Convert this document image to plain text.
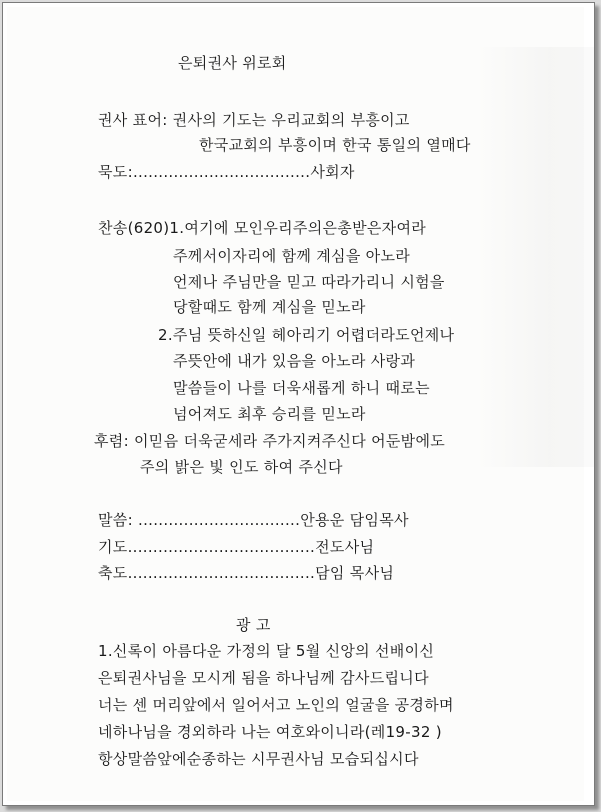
은퇴권사 위로회
권사 표어: 권사의 기도는 우리교회의 부흥이고
한국교회의 부흥이며 한국 통일의 열매다
묵도:...................................사회자
찬송(620)1.여기에 모인우리주의은총받은자여라
주께서이자리에 함께 계심을 아노라
언제나 주님만을 믿고 따라가리니 시험을
당할때도 함께 계심을 믿노라
2.주님 뜻하신일 헤아리기 어렵더라도언제나
주뜻안에 내가 있음을 아노라 사랑과
말씀들이 나를 더욱새롭게 하니 때로는
넘어져도 최후 승리를 믿노라
후렴: 이믿음 더욱굳세라 주가지켜주신다 어둔밤에도
주의 밝은 빛 인도 하여 주신다
말씀: ................................안용운 담임목사
기도.....................................전도사님
축도.....................................담임 목사님
광 고
1.신록이 아름다운 가정의 달 5월 신앙의 선배이신
은퇴권사님을 모시게 됨을 하나님께 감사드립니다
너는 센 머리앞에서 일어서고 노인의 얼굴을 공경하며
네하나님을 경외하라 나는 여호와이니라(레19-32 )
항상말씀앞에순종하는 시무권사님 모습되십시다
